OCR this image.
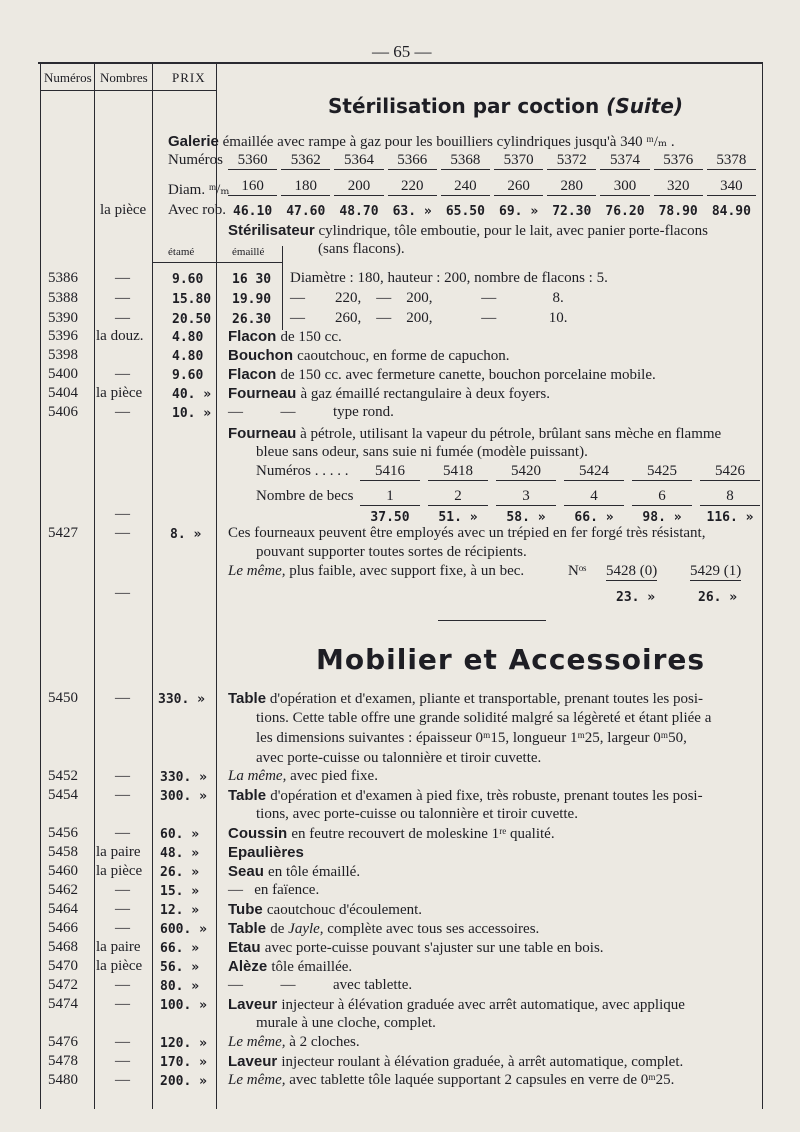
— 65 —
Numéros Nombres PRIX
Stérilisation par coction (Suite)
Galerie émaillée avec rampe à gaz pour les bouilliers cylindriques jusqu'à 340 ᵐ/ₘ .
Numéros 5360	5362	5364	5366	5368	5370	5372	5374	5376	5378
Diam. ᵐ/ₘ 160	180	200	220	240	260	280	300	320	340
la pièce Avec rob. 46.10	47.60	48.70	63. »	65.50	69. »	72.30	76.20	78.90	84.90
Stérilisateur cylindrique, tôle emboutie, pour le lait, avec panier porte-flacons
(sans flacons).
étamé	émaillé
5386 —	9.60 16 30 Diamètre : 180, hauteur : 200, nombre de flacons : 5.
5388 —	15.80 19.90 —        220,    —    200,             —               8.
5390 —	20.50 26.30 —        260,    —    200,             —              10.
5396 la douz. 4.80 Flacon de 150 cc.
5398	4.80 Bouchon caoutchouc, en forme de capuchon.
5400 —	9.60 Flacon de 150 cc. avec fermeture canette, bouchon porcelaine mobile.
5404 la pièce 40. » Fourneau à gaz émaillé rectangulaire à deux foyers.
5406 —	10. » —          —          type rond.
Fourneau à pétrole, utilisant la vapeur du pétrole, brûlant sans mèche en flamme
bleue sans odeur, sans suie ni fumée (modèle puissant).
Numéros . . . . .	5416	5418	5420	5424	5425	5426
Nombre de becs	1	2	3	4	6	8
—	37.50	51. »	58. »	66. »	98. »	116. »
5427 —	8. » Ces fourneaux peuvent être employés avec un trépied en fer forgé très résistant,
pouvant supporter toutes sortes de récipients.
Le même, plus faible, avec support fixe, à un bec.	Nᵒˢ 5428 (0) 5429 (1)
—	23. »	26. »
Mobilier et Accessoires
5450 — 330. » Table d'opération et d'examen, pliante et transportable, prenant toutes les posi-
tions. Cette table offre une grande solidité malgré sa légèreté et étant pliée a
les dimensions suivantes : épaisseur 0ᵐ15, longueur 1ᵐ25, largeur 0ᵐ50,
avec porte-cuisse ou talonnière et tiroir cuvette.
5452 — 330. » La même, avec pied fixe.
5454 — 300. » Table d'opération et d'examen à pied fixe, très robuste, prenant toutes les posi-
tions, avec porte-cuisse ou talonnière et tiroir cuvette.
5456 — 60. » Coussin en feutre recouvert de moleskine 1ʳᵉ qualité.
5458 la paire 48. » Epaulières
5460 la pièce 26. » Seau en tôle émaillé.
5462 — 15. » —   en faïence.
5464 — 12. » Tube caoutchouc d'écoulement.
5466 — 600. » Table de Jayle, complète avec tous ses accessoires.
5468 la paire 66. » Etau avec porte-cuisse pouvant s'ajuster sur une table en bois.
5470 la pièce 56. » Alèze tôle émaillée.
5472 — 80. » —          —          avec tablette.
5474 — 100. » Laveur injecteur à élévation graduée avec arrêt automatique, avec applique
murale à une cloche, complet.
5476 — 120. » Le même, à 2 cloches.
5478 — 170. » Laveur injecteur roulant à élévation graduée, à arrêt automatique, complet.
5480 — 200. » Le même, avec tablette tôle laquée supportant 2 capsules en verre de 0ᵐ25.
